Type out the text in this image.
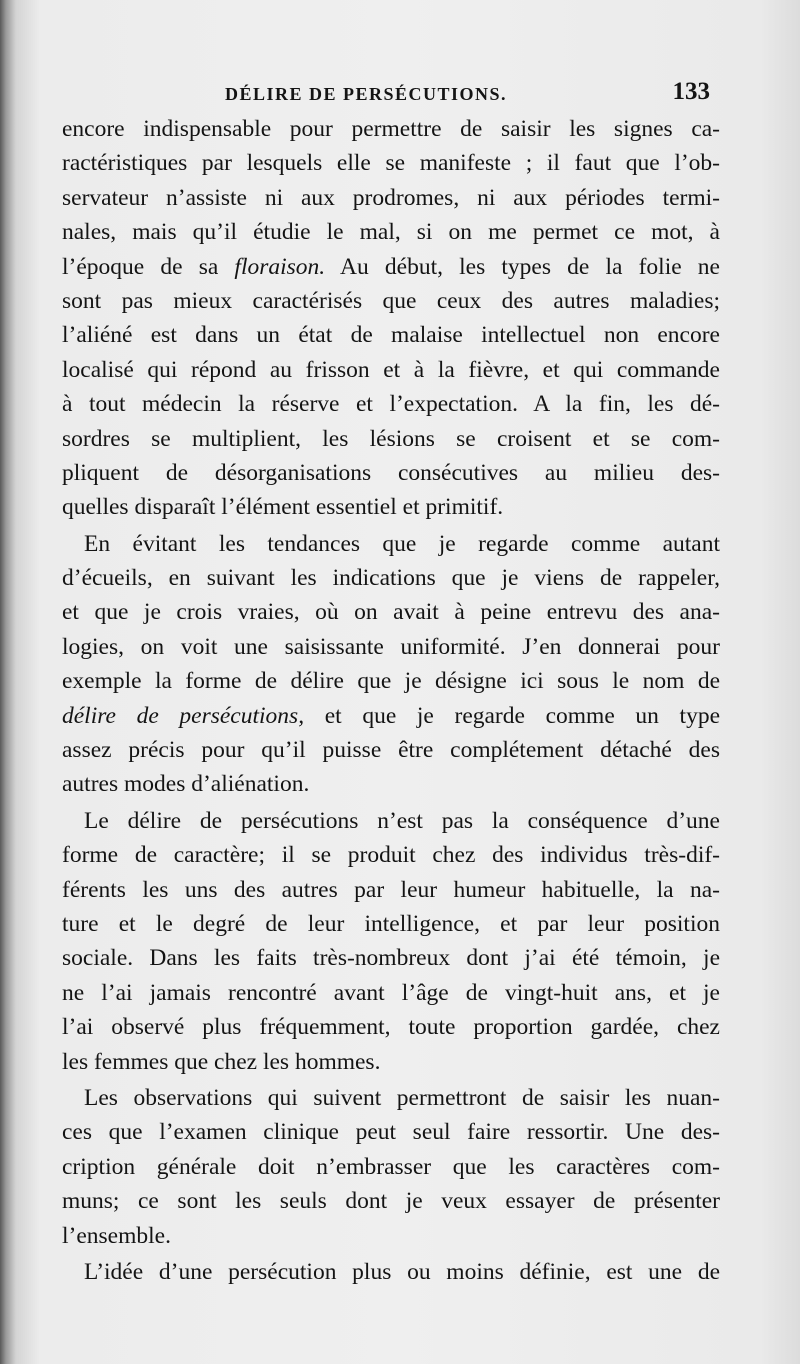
DÉLIRE DE PERSÉCUTIONS.	133
encore indispensable pour permettre de saisir les signes ca-
ractéristiques par lesquels elle se manifeste ; il faut que l’ob-
servateur n’assiste ni aux prodromes, ni aux périodes termi-
nales, mais qu’il étudie le mal, si on me permet ce mot, à
l’époque de sa floraison. Au début, les types de la folie ne
sont pas mieux caractérisés que ceux des autres maladies;
l’aliéné est dans un état de malaise intellectuel non encore
localisé qui répond au frisson et à la fièvre, et qui commande
à tout médecin la réserve et l’expectation. A la fin, les dé-
sordres se multiplient, les lésions se croisent et se com-
pliquent de désorganisations consécutives au milieu des-
quelles disparaît l’élément essentiel et primitif.
En évitant les tendances que je regarde comme autant
d’écueils, en suivant les indications que je viens de rappeler,
et que je crois vraies, où on avait à peine entrevu des ana-
logies, on voit une saisissante uniformité. J’en donnerai pour
exemple la forme de délire que je désigne ici sous le nom de
délire de persécutions, et que je regarde comme un type
assez précis pour qu’il puisse être complétement détaché des
autres modes d’aliénation.
Le délire de persécutions n’est pas la conséquence d’une
forme de caractère; il se produit chez des individus très-dif-
férents les uns des autres par leur humeur habituelle, la na-
ture et le degré de leur intelligence, et par leur position
sociale. Dans les faits très-nombreux dont j’ai été témoin, je
ne l’ai jamais rencontré avant l’âge de vingt-huit ans, et je
l’ai observé plus fréquemment, toute proportion gardée, chez
les femmes que chez les hommes.
Les observations qui suivent permettront de saisir les nuan-
ces que l’examen clinique peut seul faire ressortir. Une des-
cription générale doit n’embrasser que les caractères com-
muns; ce sont les seuls dont je veux essayer de présenter
l’ensemble.
L’idée d’une persécution plus ou moins définie, est une de
